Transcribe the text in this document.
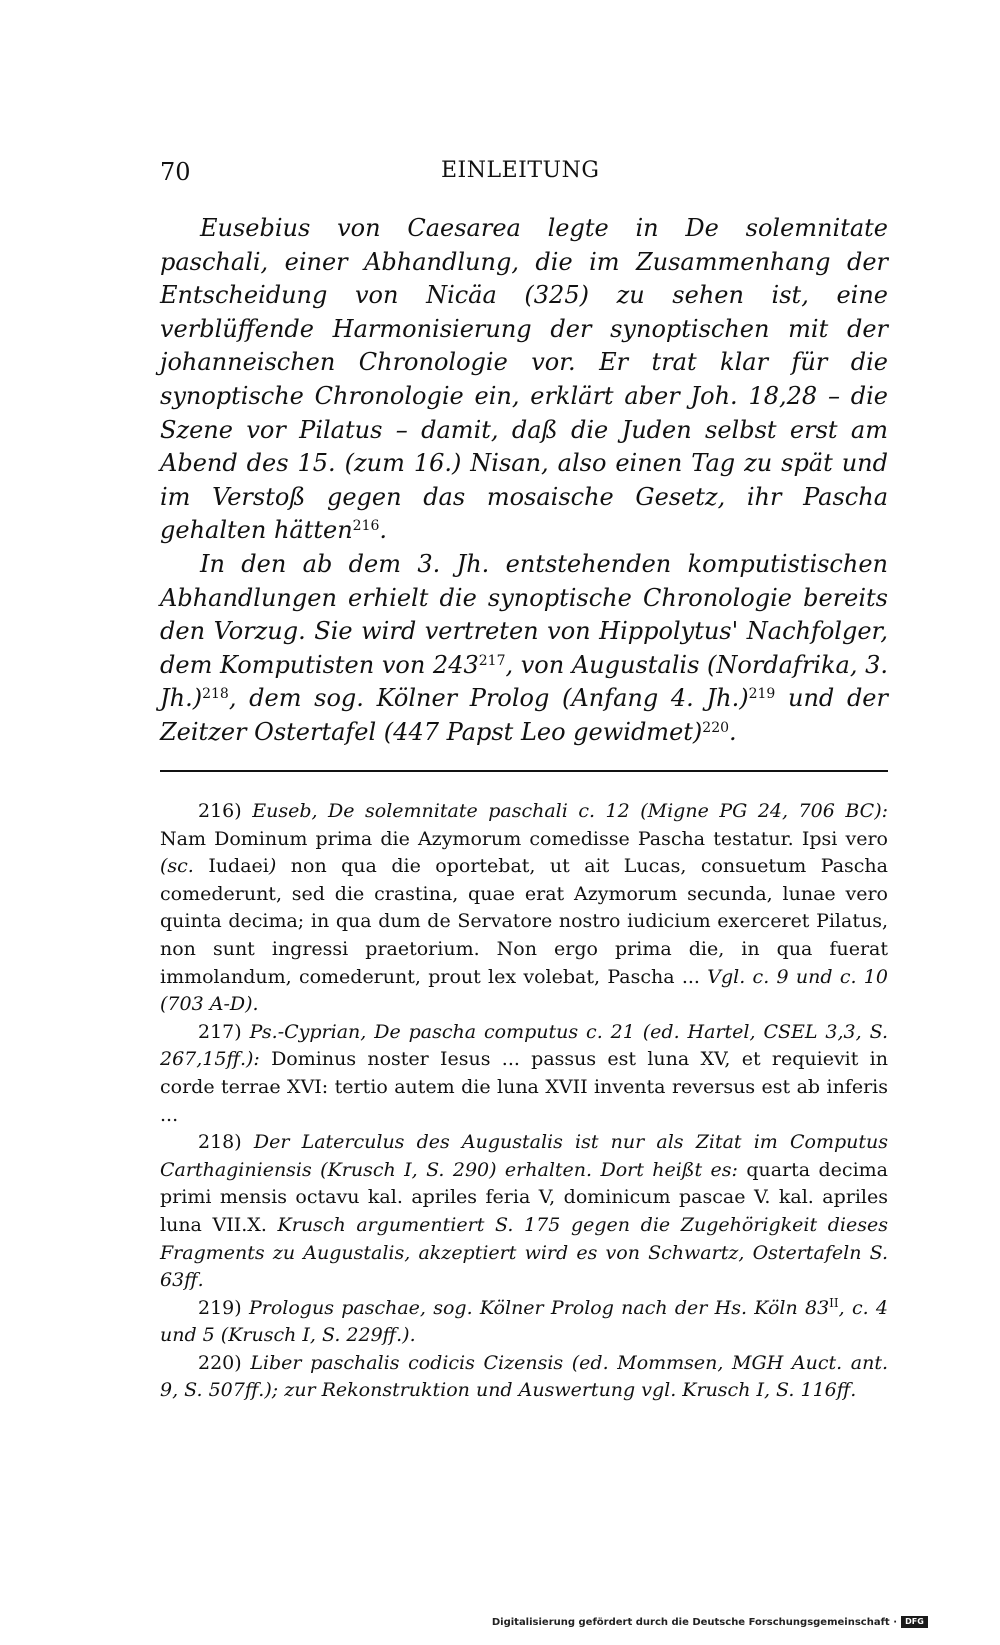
70	EINLEITUNG

Eusebius von Caesarea legte in De solemnitate paschali, einer Abhandlung, die im Zusammenhang der Entscheidung von Nicäa (325) zu sehen ist, eine verblüffende Harmonisierung der synoptischen mit der johanneischen Chronologie vor. Er trat klar für die synoptische Chronologie ein, erklärt aber Joh. 18,28 – die Szene vor Pilatus – damit, daß die Juden selbst erst am Abend des 15. (zum 16.) Nisan, also einen Tag zu spät und im Verstoß gegen das mosaische Gesetz, ihr Pascha gehalten hätten$^{216}$.

In den ab dem 3. Jh. entstehenden komputistischen Abhandlungen erhielt die synoptische Chronologie bereits den Vorzug. Sie wird vertreten von Hippolytus' Nachfolger, dem Komputisten von 243$^{217}$, von Augustalis (Nordafrika, 3. Jh.)$^{218}$, dem sog. Kölner Prolog (Anfang 4. Jh.)$^{219}$ und der Zeitzer Ostertafel (447 Papst Leo gewidmet)$^{220}$.

216) Euseb, De solemnitate paschali c. 12 (Migne PG 24, 706 BC): Nam Dominum prima die Azymorum comedisse Pascha testatur. Ipsi vero (sc. Iudaei) non qua die oportebat, ut ait Lucas, consuetum Pascha comederunt, sed die crastina, quae erat Azymorum secunda, lunae vero quinta decima; in qua dum de Servatore nostro iudicium exerceret Pilatus, non sunt ingressi praetorium. Non ergo prima die, in qua fuerat immolandum, comederunt, prout lex volebat, Pascha ... Vgl. c. 9 und c. 10 (703 A-D).

217) Ps.-Cyprian, De pascha computus c. 21 (ed. Hartel, CSEL 3,3, S. 267,15ff.): Dominus noster Iesus ... passus est luna XV, et requievit in corde terrae XVI: tertio autem die luna XVII inventa reversus est ab inferis ...

218) Der Laterculus des Augustalis ist nur als Zitat im Computus Carthaginiensis (Krusch I, S. 290) erhalten. Dort heißt es: quarta decima primi mensis octavu kal. apriles feria V, dominicum pascae V. kal. apriles luna VII.X. Krusch argumentiert S. 175 gegen die Zugehörigkeit dieses Fragments zu Augustalis, akzeptiert wird es von Schwartz, Ostertafeln S. 63ff.

219) Prologus paschae, sog. Kölner Prolog nach der Hs. Köln $83^{II}$, c. 4 und 5 (Krusch I, S. 229ff.).

220) Liber paschalis codicis Cizensis (ed. Mommsen, MGH Auct. ant. 9, S. 507ff.); zur Rekonstruktion und Auswertung vgl. Krusch I, S. 116ff.

Digitalisierung gefördert durch die Deutsche Forschungsgemeinschaft · DFG
